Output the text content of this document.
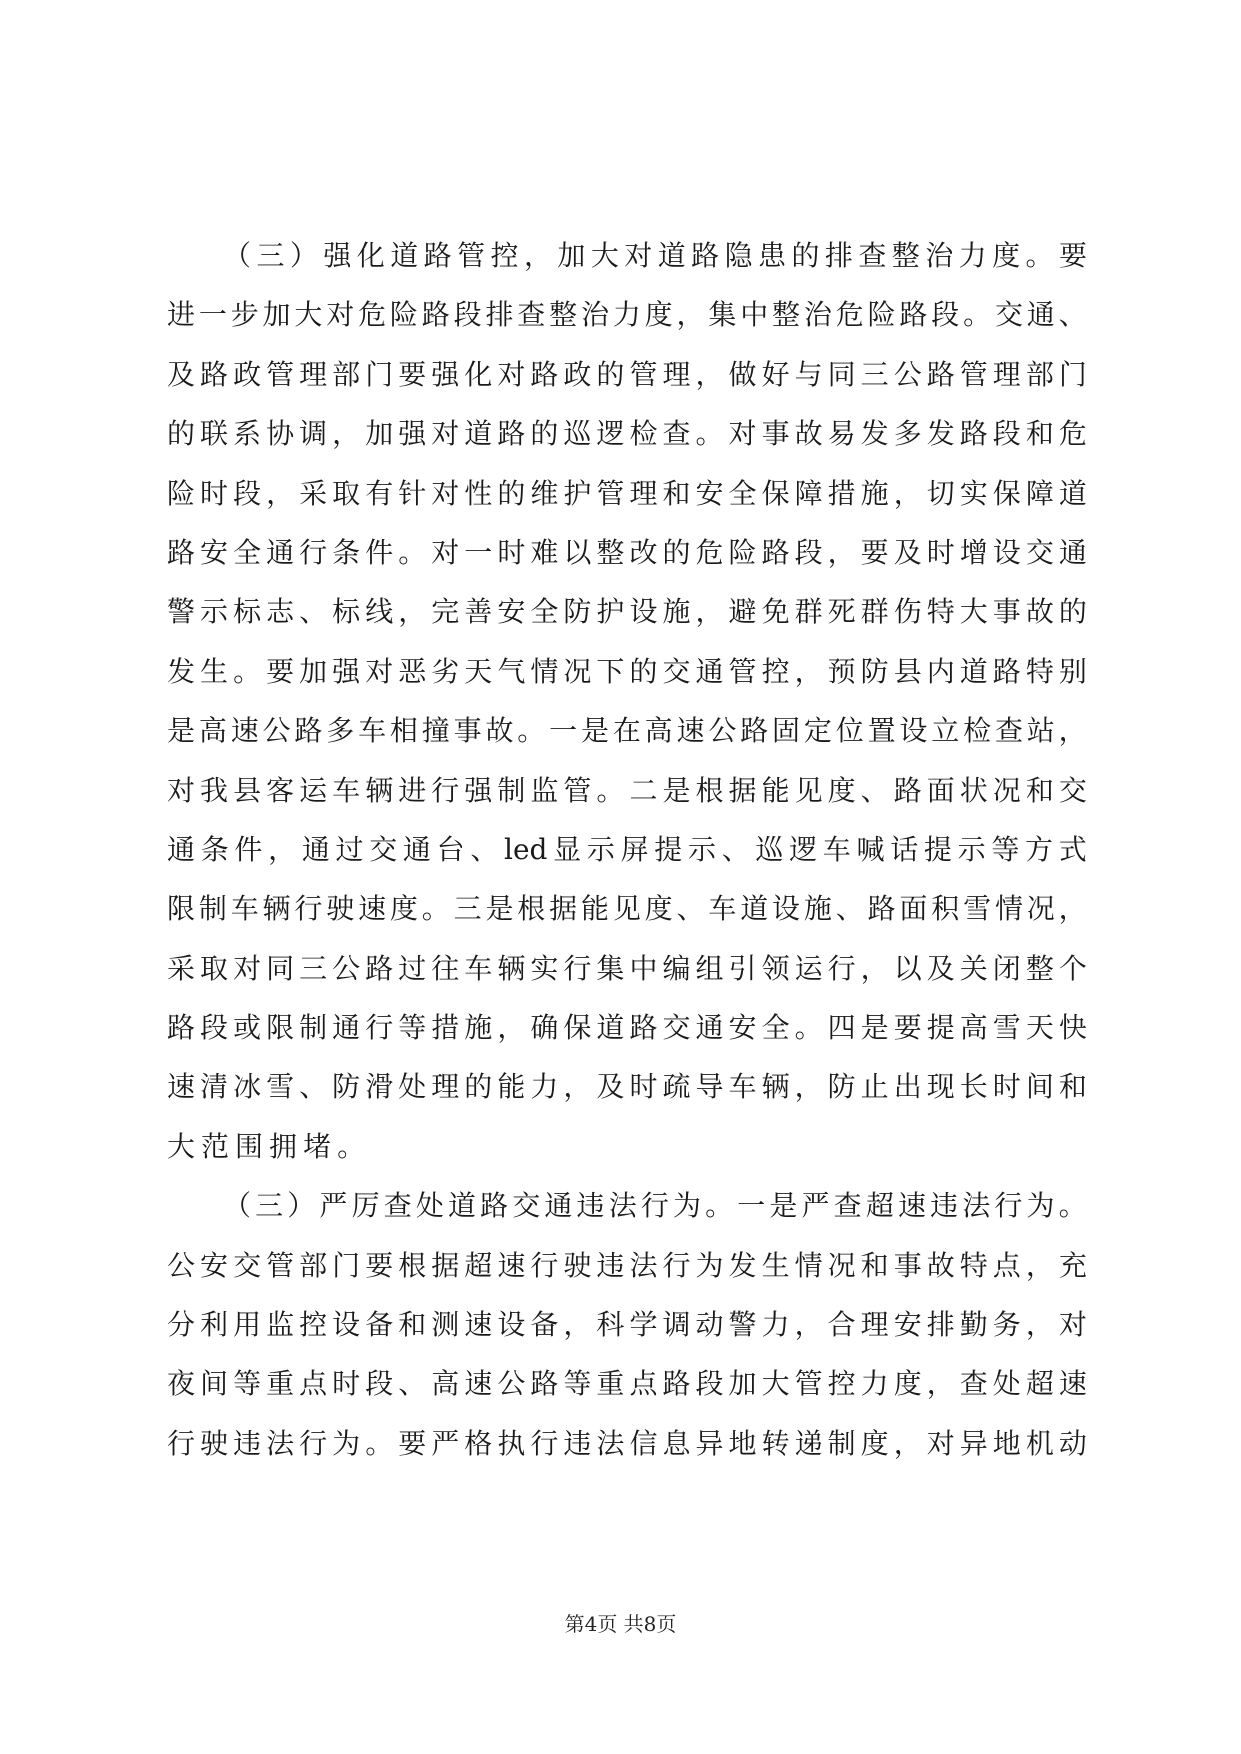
（ 三 ） 强 化 道 路 管 控 ， 加 大 对 道 路 隐 患 的 排 查 整 治 力 度 。 要
进 一 步 加 大 对 危 险 路 段 排 查 整 治 力 度 ， 集 中 整 治 危 险 路 段 。 交 通 、
及 路 政 管 理 部 门 要 强 化 对 路 政 的 管 理 ， 做 好 与 同 三 公 路 管 理 部 门
的 联 系 协 调 ， 加 强 对 道 路 的 巡 逻 检 查 。 对 事 故 易 发 多 发 路 段 和 危
险 时 段 ， 采 取 有 针 对 性 的 维 护 管 理 和 安 全 保 障 措 施 ， 切 实 保 障 道
路 安 全 通 行 条 件 。 对 一 时 难 以 整 改 的 危 险 路 段 ， 要 及 时 增 设 交 通
警 示 标 志 、 标 线 ， 完 善 安 全 防 护 设 施 ， 避 免 群 死 群 伤 特 大 事 故 的
发 生 。 要 加 强 对 恶 劣 天 气 情 况 下 的 交 通 管 控 ， 预 防 县 内 道 路 特 别
是 高 速 公 路 多 车 相 撞 事 故 。 一 是 在 高 速 公 路 固 定 位 置 设 立 检 查 站 ，
对 我 县 客 运 车 辆 进 行 强 制 监 管 。 二 是 根 据 能 见 度 、 路 面 状 况 和 交
通 条 件 ， 通 过 交 通 台 、 led 显 示 屏 提 示 、 巡 逻 车 喊 话 提 示 等 方 式
限 制 车 辆 行 驶 速 度 。 三 是 根 据 能 见 度 、 车 道 设 施 、 路 面 积 雪 情 况 ，
采 取 对 同 三 公 路 过 往 车 辆 实 行 集 中 编 组 引 领 运 行 ， 以 及 关 闭 整 个
路 段 或 限 制 通 行 等 措 施 ， 确 保 道 路 交 通 安 全 。 四 是 要 提 高 雪 天 快
速 清 冰 雪 、 防 滑 处 理 的 能 力 ， 及 时 疏 导 车 辆 ， 防 止 出 现 长 时 间 和
大 范 围 拥 堵 。
（ 三 ） 严 厉 查 处 道 路 交 通 违 法 行 为 。 一 是 严 查 超 速 违 法 行 为 。
公 安 交 管 部 门 要 根 据 超 速 行 驶 违 法 行 为 发 生 情 况 和 事 故 特 点 ， 充
分 利 用 监 控 设 备 和 测 速 设 备 ， 科 学 调 动 警 力 ， 合 理 安 排 勤 务 ， 对
夜 间 等 重 点 时 段 、 高 速 公 路 等 重 点 路 段 加 大 管 控 力 度 ， 查 处 超 速
行 驶 违 法 行 为 。 要 严 格 执 行 违 法 信 息 异 地 转 递 制 度 ， 对 异 地 机 动
第4页 共8页
